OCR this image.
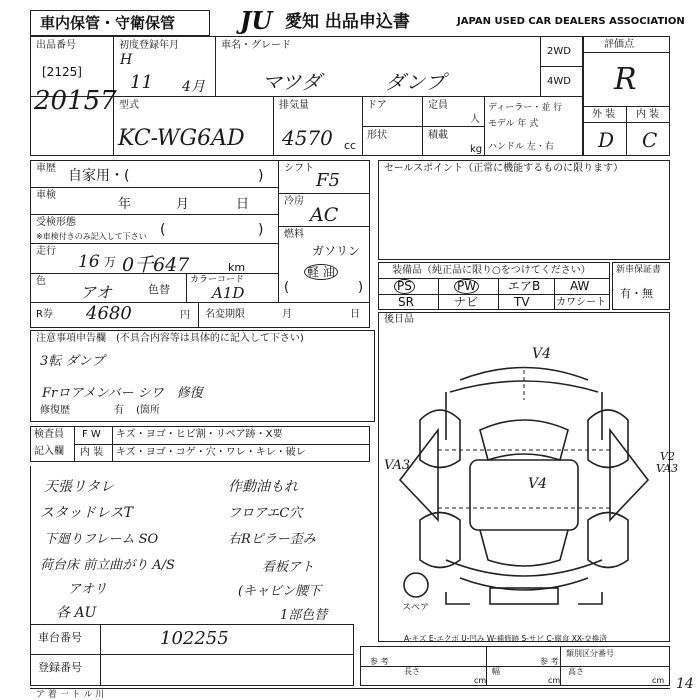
車内保管・守衛保管	JU 愛知 出品申込書	JAPAN USED CAR DEALERS ASSOCIATION
出品番号
[2125]
20157
初度登録年月
H
11 4月
車名・グレード
マツダ	ダンプ
2WD
4WD
評価点
R
外 装 内 装
D C
型式
KC-WG6AD
排気量
4570 cc
ドア	定員
人
形状	積載
kg
ディーラー・並 行
モデル 年 式
ハンドル 左・右
車歴 自家用・(	)
車検
年	月	日
受検形態
※車検付きのみ記入して下さい (	)
走行
16 万 0千647	km
色
アオ	色替
カラーコード
A1D
シフト
F5
冷房
AC
燃料
ガソリン
軽 油
(	)
R券 4680	円 名変期限	月	日
セールスポイント（正常に機能するものに限ります）
装備品（純正品に限り○をつけてください）
PS	PW	エアB AW
SR	ナビ	TV	カワシート
新車保証書
有・無
注意事項申告欄　(不具合内容等は具体的に記入して下さい)
3転 ダンプ
Frロアメンバー シワ　修復
修復歴	有 (箇所
後日品
V4
VA3
V4
VA3
V2
スペア
A-キズ E-エクボ U-凹み W-補修跡 S-サビ C-腐食 XX-交換済
検査員
記入欄
F W キズ・ヨゴ・ヒビ割・リペア跡・X要
内 装 キズ・ヨゴ・コゲ・穴・ワレ・キレ・破レ
天張リタレ	作動油もれ
スタッドレスT	フロアエC穴
下廻りフレーム SO	右Rピラー歪み
荷台床 前立曲がり A/S	看板アト
アオリ	(キャビン腰下
各 AU	1部色替
車台番号	102255
登録番号
14
参 考
長さ
cm
幅
cm
類別区分番号
参 考
高さ
cm
ア 着 一 ト ル 川
